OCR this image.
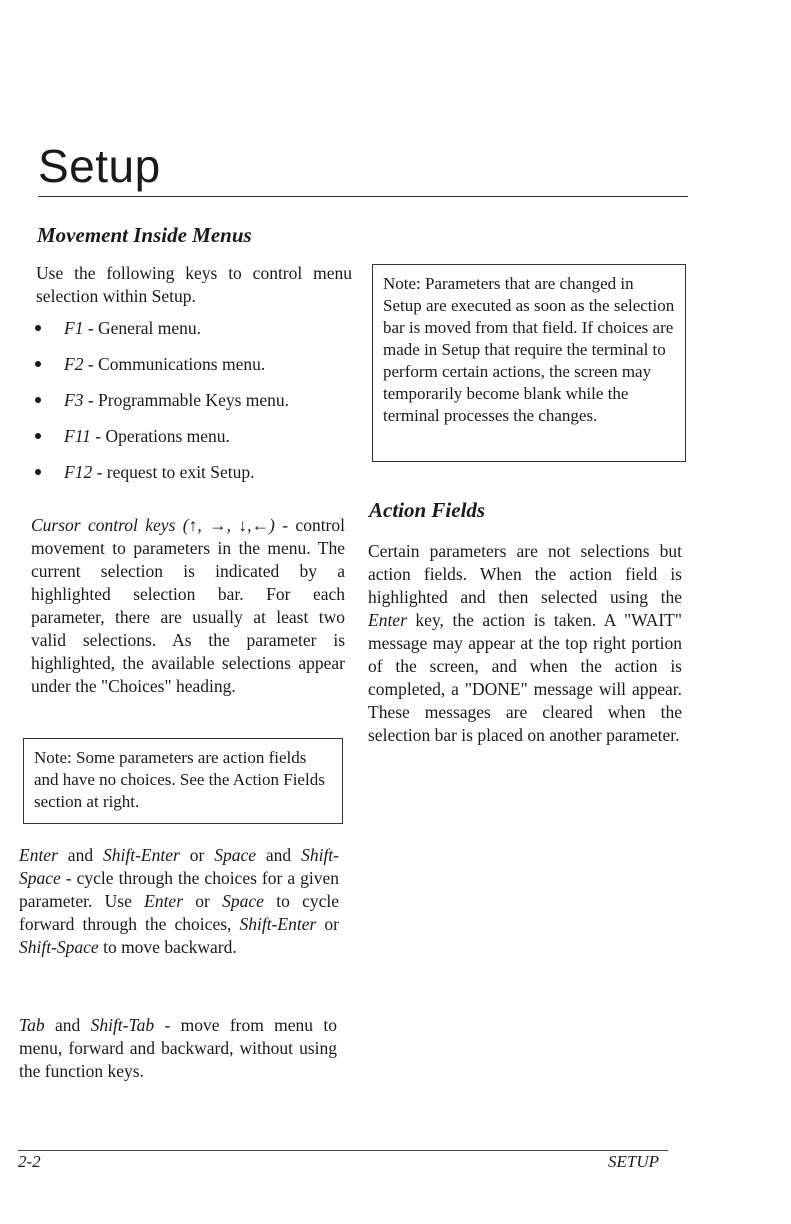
Setup
Movement Inside Menus

Use the following keys to control menu selection within Setup.

F1 - General menu.
F2 - Communications menu.
F3 - Programmable Keys menu.
F11 - Operations menu.
F12 - request to exit Setup.

Cursor control keys (↑, →, ↓,←) - control movement to parameters in the menu. The current selection is indicated by a highlighted selection bar. For each parameter, there are usually at least two valid selections. As the parameter is highlighted, the available selections appear under the "Choices" heading.

Note: Some parameters are action fields and have no choices. See the Action Fields section at right.

Enter and Shift-Enter or Space and Shift-Space - cycle through the choices for a given parameter. Use Enter or Space to cycle forward through the choices, Shift-Enter or Shift-Space to move backward.

Tab and Shift-Tab - move from menu to menu, forward and backward, without using the function keys.

Note: Parameters that are changed in Setup are executed as soon as the selection bar is moved from that field. If choices are made in Setup that require the terminal to perform certain actions, the screen may temporarily become blank while the terminal processes the changes.

Action Fields

Certain parameters are not selections but action fields. When the action field is highlighted and then selected using the Enter key, the action is taken. A "WAIT" message may appear at the top right portion of the screen, and when the action is completed, a "DONE" message will appear. These messages are cleared when the selection bar is placed on another parameter.

2-2	SETUP
